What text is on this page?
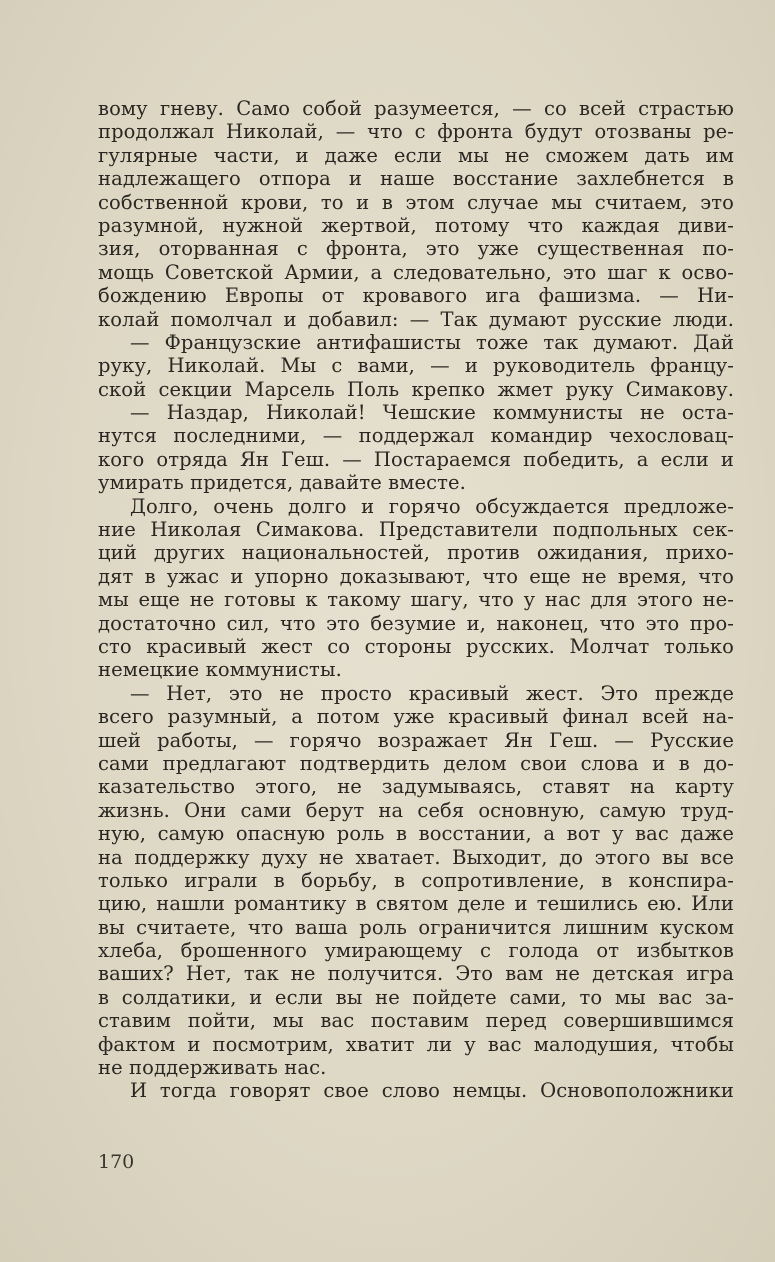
вому гневу. Само собой разумеется, — со всей страстью
продолжал Николай, — что с фронта будут отозваны ре-
гулярные части, и даже если мы не сможем дать им
надлежащего отпора и наше восстание захлебнется в
собственной крови, то и в этом случае мы считаем, это
разумной, нужной жертвой, потому что каждая диви-
зия, оторванная с фронта, это уже существенная по-
мощь Советской Армии, а следовательно, это шаг к осво-
бождению Европы от кровавого ига фашизма. — Ни-
колай помолчал и добавил: — Так думают русские люди.
— Французские антифашисты тоже так думают. Дай
руку, Николай. Мы с вами, — и руководитель францу-
ской секции Марсель Поль крепко жмет руку Симакову.
— Наздар, Николай! Чешские коммунисты не оста-
нутся последними, — поддержал командир чехословац-
кого отряда Ян Геш. — Постараемся победить, а если и
умирать придется, давайте вместе.
Долго, очень долго и горячо обсуждается предложе-
ние Николая Симакова. Представители подпольных сек-
ций других национальностей, против ожидания, прихо-
дят в ужас и упорно доказывают, что еще не время, что
мы еще не готовы к такому шагу, что у нас для этого не-
достаточно сил, что это безумие и, наконец, что это про-
сто красивый жест со стороны русских. Молчат только
немецкие коммунисты.
— Нет, это не просто красивый жест. Это прежде
всего разумный, а потом уже красивый финал всей на-
шей работы, — горячо возражает Ян Геш. — Русские
сами предлагают подтвердить делом свои слова и в до-
казательство этого, не задумываясь, ставят на карту
жизнь. Они сами берут на себя основную, самую труд-
ную, самую опасную роль в восстании, а вот у вас даже
на поддержку духу не хватает. Выходит, до этого вы все
только играли в борьбу, в сопротивление, в конспира-
цию, нашли романтику в святом деле и тешились ею. Или
вы считаете, что ваша роль ограничится лишним куском
хлеба, брошенного умирающему с голода от избытков
ваших? Нет, так не получится. Это вам не детская игра
в солдатики, и если вы не пойдете сами, то мы вас за-
ставим пойти, мы вас поставим перед совершившимся
фактом и посмотрим, хватит ли у вас малодушия, чтобы
не поддерживать нас.
И тогда говорят свое слово немцы. Основоположники
170
